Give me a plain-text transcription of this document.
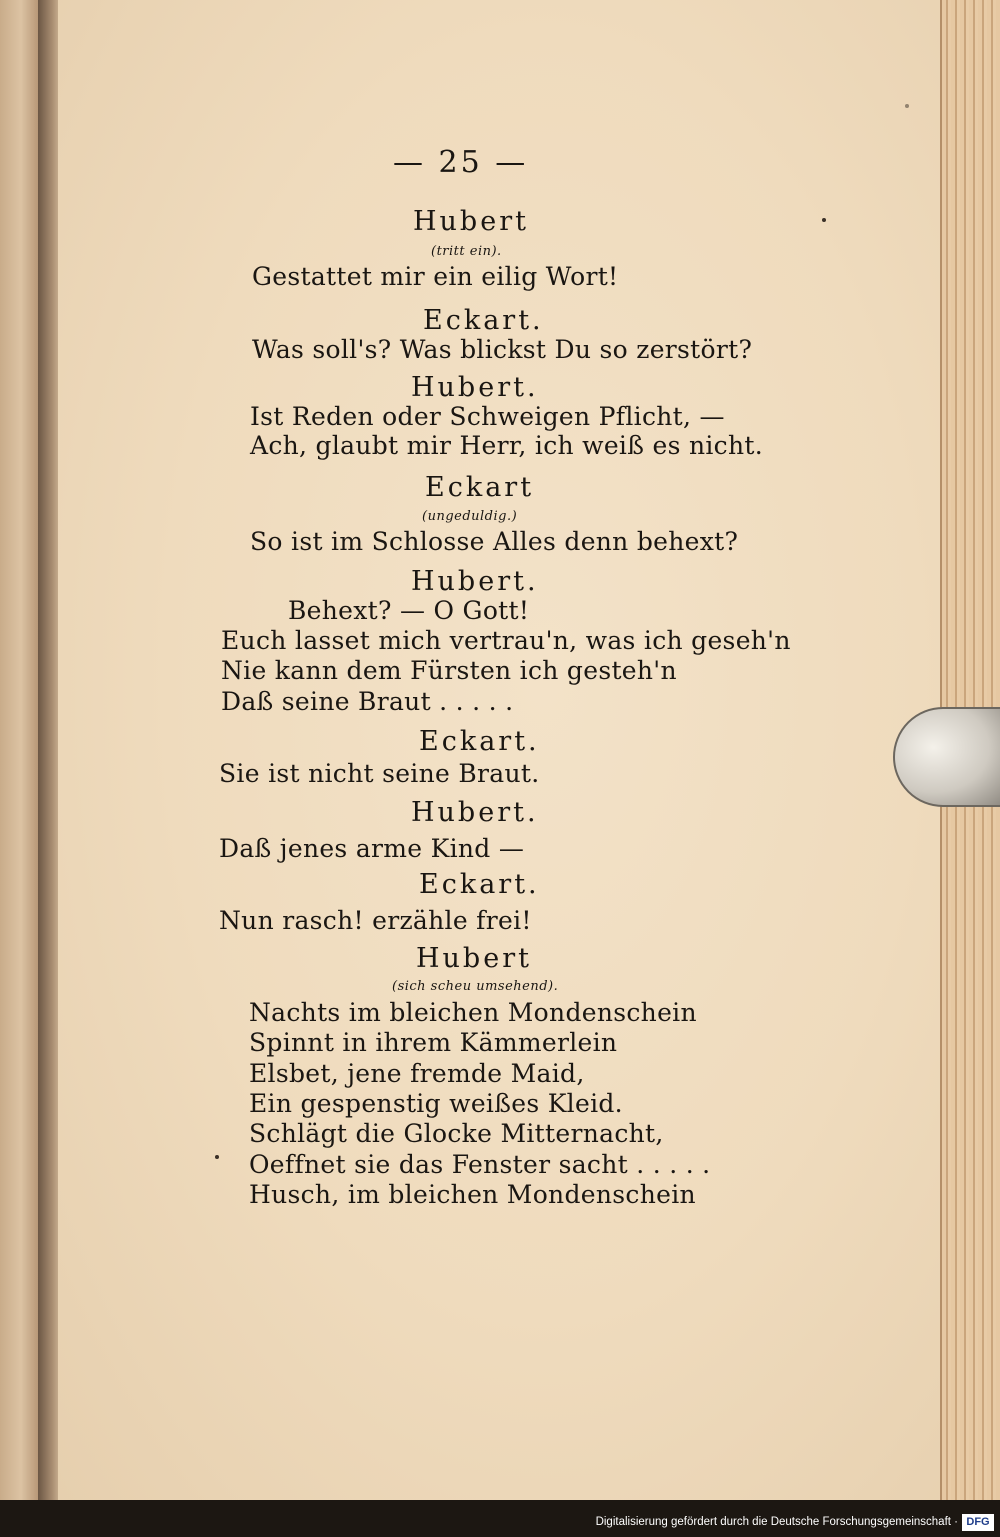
— 25 —
Hubert
(tritt ein).
Gestattet mir ein eilig Wort!
Eckart.
Was soll's? Was blickst Du so zerstört?
Hubert.
Ist Reden oder Schweigen Pflicht, —
Ach, glaubt mir Herr, ich weiß es nicht.
Eckart
(ungeduldig.)
So ist im Schlosse Alles denn behext?
Hubert.
Behext? — O Gott!
Euch lasset mich vertrau'n, was ich geseh'n
Nie kann dem Fürsten ich gesteh'n
Daß seine Braut . . . . .
Eckart.
Sie ist nicht seine Braut.
Hubert.
Daß jenes arme Kind —
Eckart.
Nun rasch! erzähle frei!
Hubert
(sich scheu umsehend).
Nachts im bleichen Mondenschein
Spinnt in ihrem Kämmerlein
Elsbet, jene fremde Maid,
Ein gespenstig weißes Kleid.
Schlägt die Glocke Mitternacht,
Oeffnet sie das Fenster sacht . . . . .
Husch, im bleichen Mondenschein
Digitalisierung gefördert durch die Deutsche Forschungsgemeinschaft · DFG
